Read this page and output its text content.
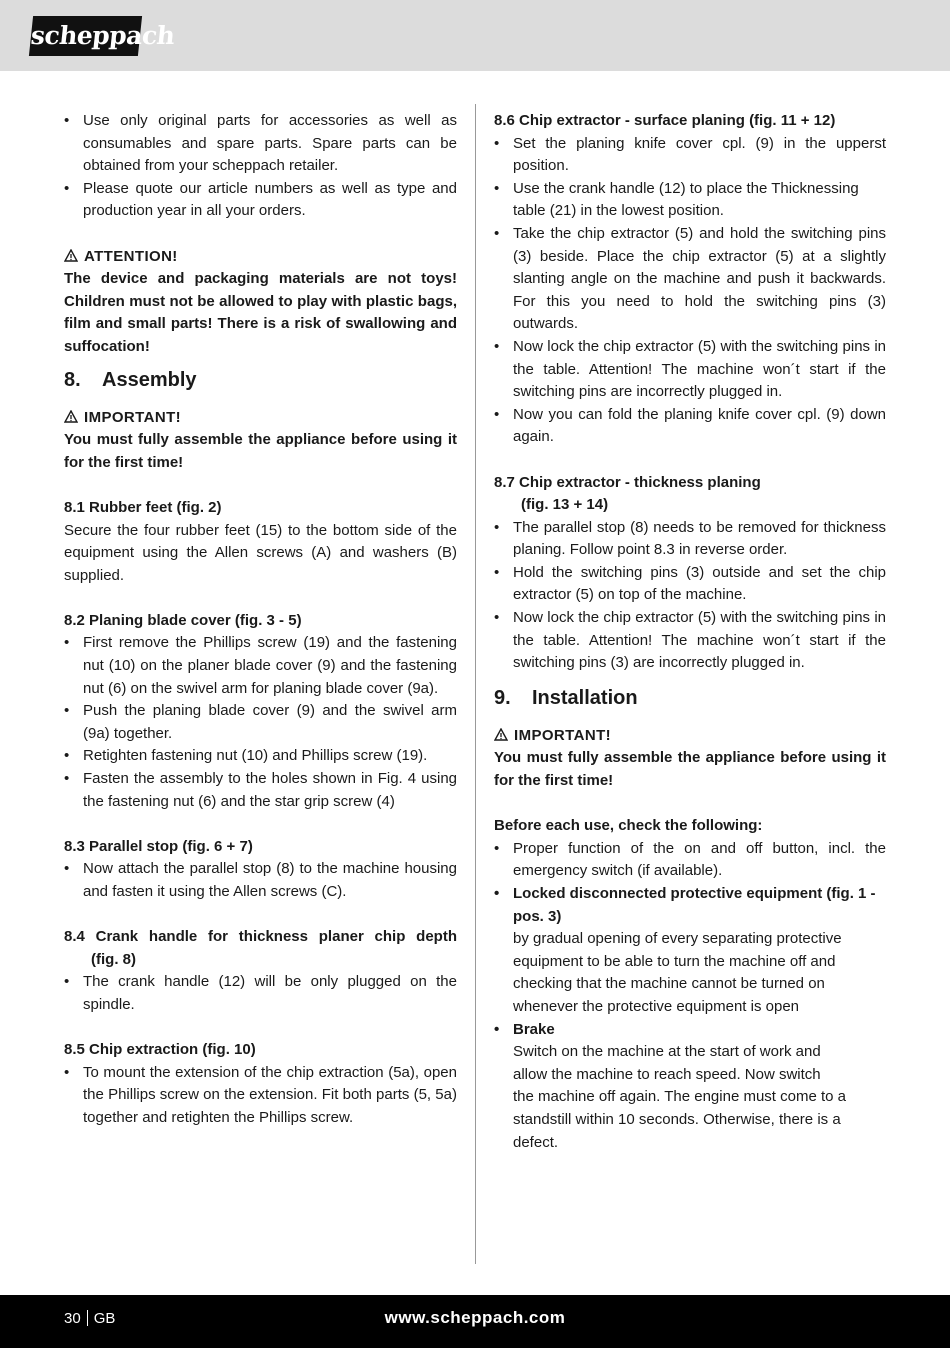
scheppach
• Use only original parts for accessories as well as consumables and spare parts. Spare parts can be obtained from your scheppach retailer.
• Please quote our article numbers as well as type and production year in all your orders.
ATTENTION!

The device and packaging materials are not toys! Children must not be allowed to play with plastic bags, film and small parts! There is a risk of swallowing and suffocation!

8. Assembly
IMPORTANT!

You must fully assemble the appliance before using it for the first time!

8.1 Rubber feet (fig. 2)

Secure the four rubber feet (15) to the bottom side of the equipment using the Allen screws (A) and washers (B) supplied.

8.2 Planing blade cover (fig. 3 - 5)
• First remove the Phillips screw (19) and the fastening nut (10) on the planer blade cover (9) and the fastening nut (6) on the swivel arm for planing blade cover (9a).
• Push the planing blade cover (9) and the swivel arm (9a) together.
• Retighten fastening nut (10) and Phillips screw (19).
• Fasten the assembly to the holes shown in Fig. 4 using the fastening nut (6) and the star grip screw (4)
8.3 Parallel stop (fig. 6 + 7)
• Now attach the parallel stop (8) to the machine housing and fasten it using the Allen screws (C).
8.4 Crank handle for thickness planer chip depth
(fig. 8)
• The crank handle (12) will be only plugged on the spindle.
8.5 Chip extraction (fig. 10)
• To mount the extension of the chip extraction (5a), open the Phillips screw on the extension. Fit both parts (5, 5a) together and retighten the Phillips screw.
8.6 Chip extractor - surface planing (fig. 11 + 12)
• Set the planing knife cover cpl. (9) in the upperst position.
• Use the crank handle (12) to place the Thicknessing table (21) in the lowest position.
• Take the chip extractor (5) and hold the switching pins (3) beside. Place the chip extractor (5) at a slightly slanting angle on the machine and push it backwards. For this you need to hold the switching pins (3) outwards.
• Now lock the chip extractor (5) with the switching pins in the table. Attention! The machine won´t start if the switching pins are incorrectly plugged in.
• Now you can fold the planing knife cover cpl. (9) down again.
8.7 Chip extractor - thickness planing
(fig. 13 + 14)
• The parallel stop (8) needs to be removed for thickness planing. Follow point 8.3 in reverse order.
• Hold the switching pins (3) outside and set the chip extractor (5) on top of the machine.
• Now lock the chip extractor (5) with the switching pins in the table. Attention! The machine won´t start if the switching pins (3) are incorrectly plugged in.
9. Installation
IMPORTANT!

You must fully assemble the appliance before using it for the first time!

Before each use, check the following:
• Proper function of the on and off button, incl. the emergency switch (if available).
• Locked disconnected protective equipment (fig. 1 - pos. 3)
by gradual opening of every separating protective
equipment to be able to turn the machine off and
checking that the machine cannot be turned on
whenever the protective equipment is open
• Brake
Switch on the machine at the start of work and
allow the machine to reach speed. Now switch
the machine off again. The engine must come to a
standstill within 10 seconds. Otherwise, there is a
defect.
30 GB	www.scheppach.com
